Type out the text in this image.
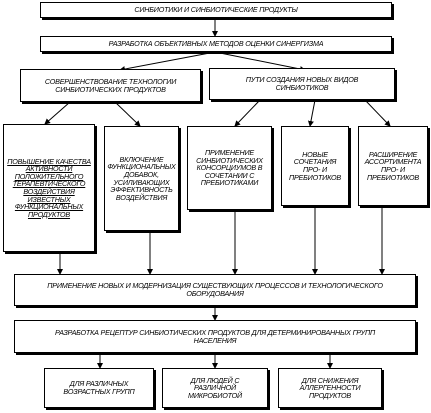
СИНБИОТИКИ И СИНБИОТИЧЕСКИЕ ПРОДУКТЫ
РАЗРАБОТКА ОБЪЕКТИВНЫХ МЕТОДОВ ОЦЕНКИ СИНЕРГИЗМА
СОВЕРШЕНСТВОВАНИЕ ТЕХНОЛОГИИ СИНБИОТИЧЕСКИХ ПРОДУКТОВ
ПУТИ СОЗДАНИЯ НОВЫХ ВИДОВ СИНБИОТИКОВ
ПОВЫШЕНИЕ КАЧЕСТВА АКТИВНОСТИ ПОЛОЖИТЕЛЬНОГО ТЕРАПЕВТИЧЕСКОГО ВОЗДЕЙСТВИЯ ИЗВЕСТНЫХ ФУНКЦИОНАЛЬНЫХ ПРОДУКТОВ
ВКЛЮЧЕНИЕ ФУНКЦИОНАЛЬНЫХ ДОБАВОК, УСИЛИВАЮЩИХ ЭФФЕКТИВНОСТЬ ВОЗДЕЙСТВИЯ
ПРИМЕНЕНИЕ СИНБИОТИЧЕСКИХ КОНСОРЦИУМОВ В СОЧЕТАНИИ С ПРЕБИОТИКАМИ
НОВЫЕ СОЧЕТАНИЯ ПРО- И ПРЕБИОТИКОВ
РАСШИРЕНИЕ АССОРТИМЕНТА ПРО- И ПРЕБИОТИКОВ
ПРИМЕНЕНИЕ НОВЫХ И МОДЕРНИЗАЦИЯ СУЩЕСТВУЮЩИХ ПРОЦЕССОВ И ТЕХНОЛОГИЧЕСКОГО ОБОРУДОВАНИЯ
РАЗРАБОТКА РЕЦЕПТУР СИНБИОТИЧЕСКИХ ПРОДУКТОВ ДЛЯ ДЕТЕРМИНИРОВАННЫХ ГРУПП НАСЕЛЕНИЯ
ДЛЯ РАЗЛИЧНЫХ ВОЗРАСТНЫХ ГРУПП
ДЛЯ ЛЮДЕЙ С РАЗЛИЧНОЙ МИКРОБИОТОЙ
ДЛЯ СНИЖЕНИЯ АЛЛЕРГЕННОСТИ ПРОДУКТОВ
